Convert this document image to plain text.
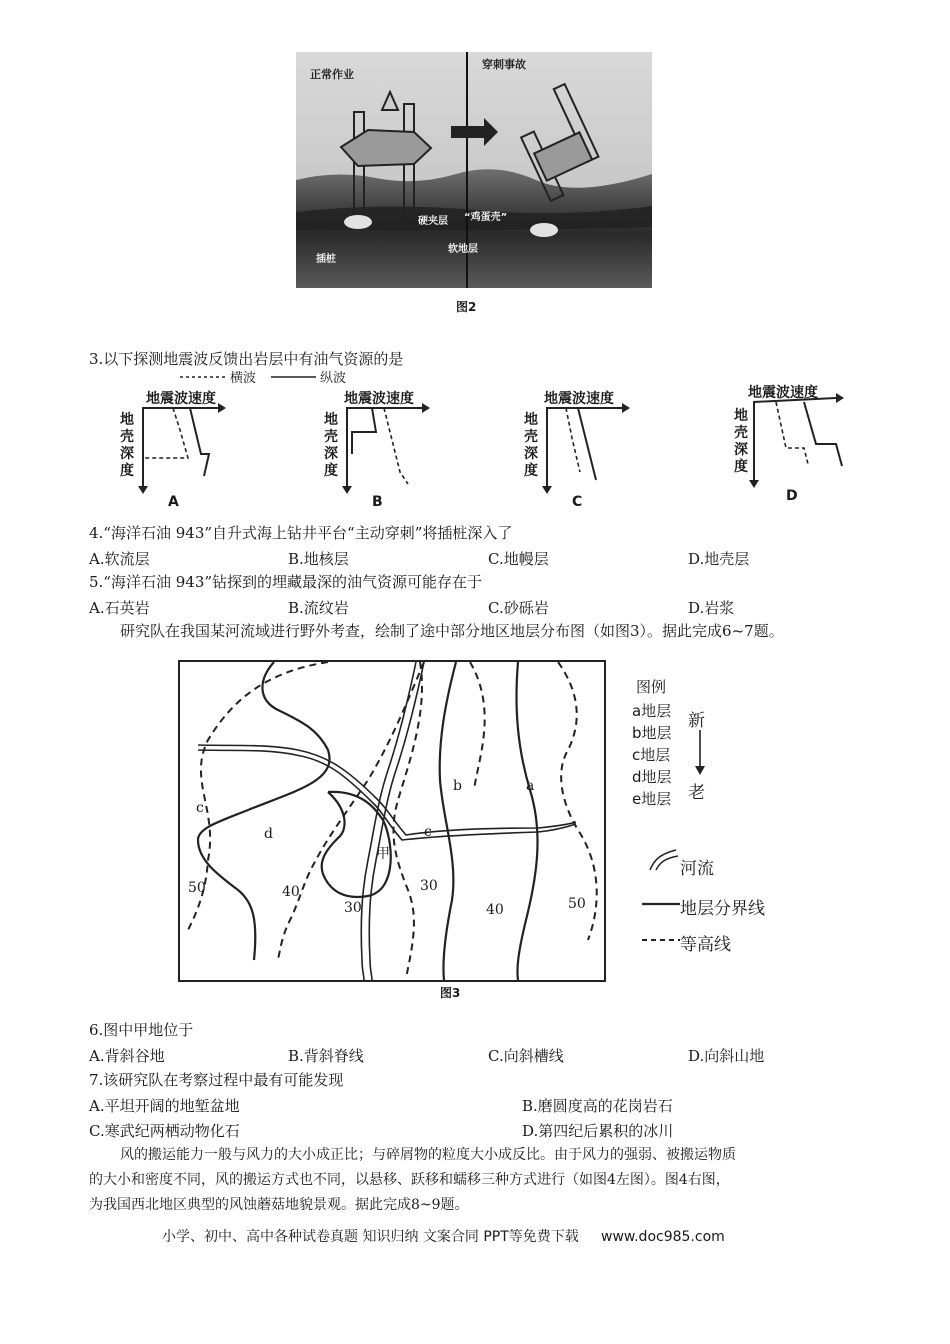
正常作业
穿刺事故
硬夹层 “鸡蛋壳”
插桩
软地层
图2
3.以下探测地震波反馈出岩层中有油气资源的是
横波	纵波
地震波速度
地壳深度
A
地震波速度
地壳深度
B
地震波速度
地壳深度
C
地震波速度
地壳深度
D
4.“海洋石油 943”自升式海上钻井平台“主动穿刺”将插桩深入了
A.软流层	B.地核层	C.地幔层	D.地壳层
5.“海洋石油 943”钻探到的埋藏最深的油气资源可能存在于
A.石英岩	B.流纹岩	C.砂砾岩	D.岩浆
研究队在我国某河流域进行野外考查，绘制了途中部分地区地层分布图（如图3）。据此完成6~7题。
c
d
甲
c
b	a
50	40
30
30
40	50
图例
a地层
b地层
c地层
d地层
e地层
新
老
河流
地层分界线
等高线
图3
6.图中甲地位于
A.背斜谷地	B.背斜脊线	C.向斜槽线	D.向斜山地
7.该研究队在考察过程中最有可能发现
A.平坦开阔的地堑盆地	B.磨圆度高的花岗岩石
C.寒武纪两栖动物化石	D.第四纪后累积的冰川
风的搬运能力一般与风力的大小成正比；与碎屑物的粒度大小成反比。由于风力的强弱、被搬运物质
的大小和密度不同，风的搬运方式也不同，以悬移、跃移和蠕移三种方式进行（如图4左图）。图4右图，
为我国西北地区典型的风蚀蘑菇地貌景观。据此完成8~9题。
小学、初中、高中各种试卷真题 知识归纳 文案合同 PPT等免费下载     www.doc985.com
